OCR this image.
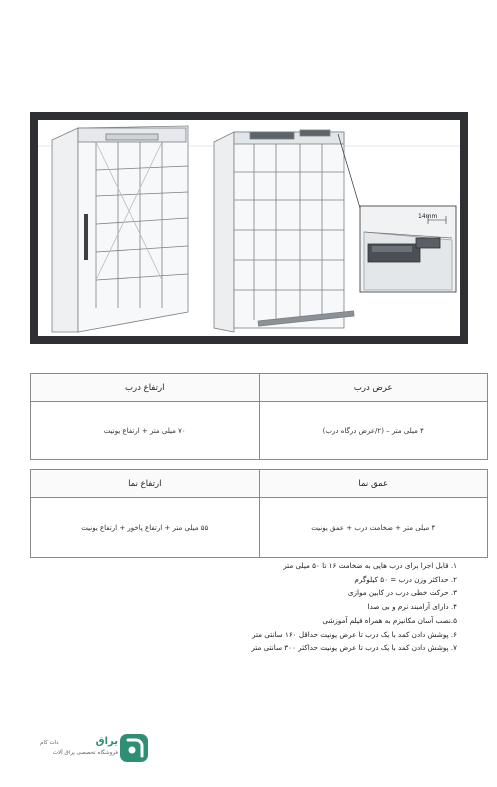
14mm
عرض درب	ارتفاع درب
۴ میلی متر – (۲/عرض درگاه درب)	۷۰ میلی متر + ارتفاع یونیت
عمق نما	ارتفاع نما
۴ میلی متر + ضخامت درب + عمق یونیت	۵۵ میلی متر + ارتفاع پاخور + ارتفاع یونیت
۱. قابل اجرا برای درب هایی به ضخامت ۱۶ تا ۵۰ میلی متر
۲. حداکثر وزن درب = ۵۰ کیلوگرم
۳. حرکت خطی درب در کابین موازی
۴. دارای آرامبند نرم و بی صدا
۵.نصب آسان مکانیزم به همراه فیلم آموزشی
۶. پوشش دادن کمد با یک درب تا عرض یونیت حداقل ۱۶۰ سانتی متر
۷. پوشش دادن کمد با یک درب تا عرض یونیت حداکثر ۳۰۰ سانتی متر
یراق
فروشگاه تخصصی یراق آلات
دات کام
